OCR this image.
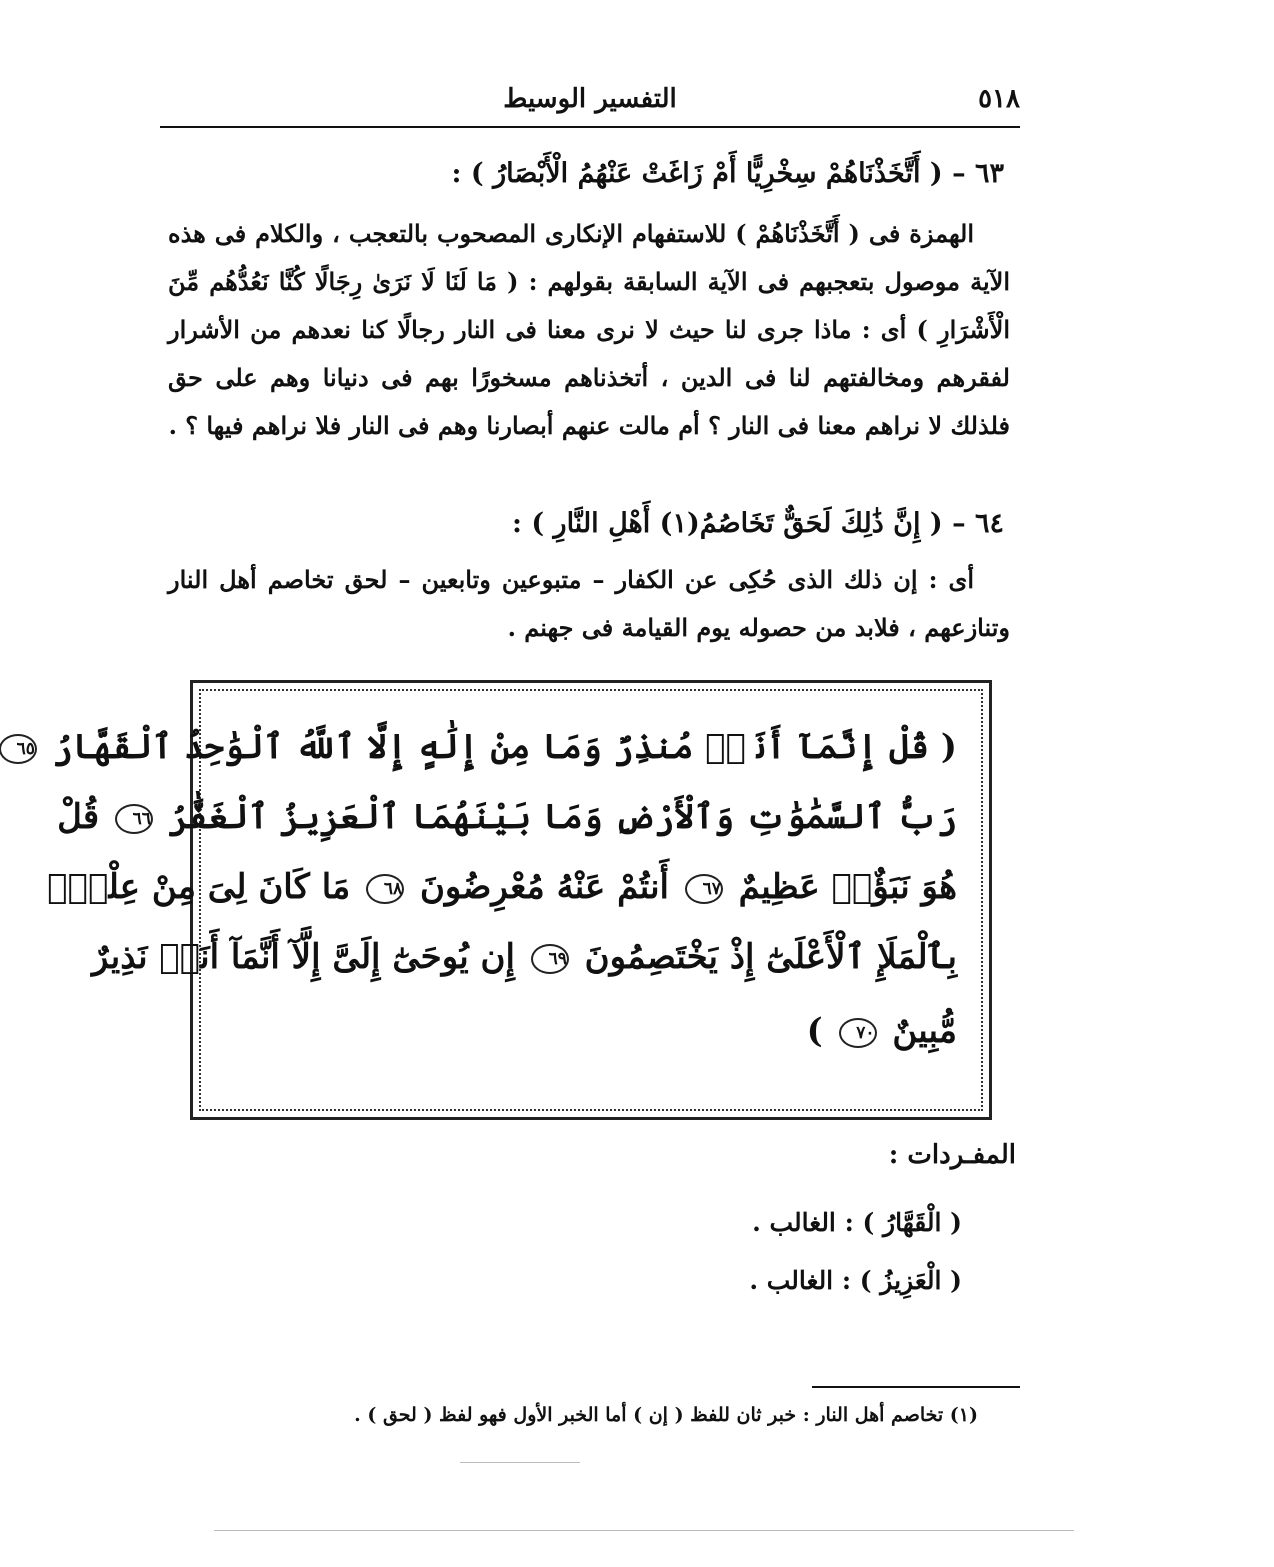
٥١٨
التفسير الوسيط
٦٣ – ( أَتَّخَذْنَاهُمْ سِخْرِيًّا أَمْ زَاغَتْ عَنْهُمُ الْأَبْصَارُ ) :
الهمزة فى ( أَتَّخَذْنَاهُمْ ) للاستفهام الإنكارى المصحوب بالتعجب ، والكلام فى هذه الآية موصول بتعجبهم فى الآية السابقة بقولهم : ( مَا لَنَا لَا نَرَىٰ رِجَالًا كُنَّا نَعُدُّهُم مِّنَ الْأَشْرَارِ ) أى : ماذا جرى لنا حيث لا نرى معنا فى النار رجالًا كنا نعدهم من الأشرار لفقرهم ومخالفتهم لنا فى الدين ، أتخذناهم مسخورًا بهم فى دنيانا وهم على حق فلذلك لا نراهم معنا فى النار ؟ أم مالت عنهم أبصارنا وهم فى النار فلا نراهم فيها ؟ .
٦٤ – ( إِنَّ ذَٰلِكَ لَحَقٌّ تَخَاصُمُ(١) أَهْلِ النَّارِ ) :
أى : إن ذلك الذى حُكِى عن الكفار – متبوعين وتابعين – لحق تخاصم أهل النار وتنازعهم ، فلابد من حصوله يوم القيامة فى جهنم .
( قُلْ إِنَّمَآ أَنَا۠ مُنذِرٌ وَمَا مِنْ إِلَٰهٍ إِلَّا ٱللَّهُ ٱلْوَٰحِدُ ٱلْقَهَّارُ ٦٥
رَبُّ ٱلسَّمَٰوَٰتِ وَٱلْأَرْضِ وَمَا بَيْنَهُمَا ٱلْعَزِيزُ ٱلْغَفَّٰرُ ٦٦ قُلْ
هُوَ نَبَؤٌا۟ عَظِيمٌ ٦٧ أَنتُمْ عَنْهُ مُعْرِضُونَ ٦٨ مَا كَانَ لِىَ مِنْ عِلْمٍۭ
بِٱلْمَلَإِ ٱلْأَعْلَىٰٓ إِذْ يَخْتَصِمُونَ ٦٩ إِن يُوحَىٰٓ إِلَىَّ إِلَّآ أَنَّمَآ أَنَا۠ نَذِيرٌ
مُّبِينٌ ٧٠ )
المفـردات :
( الْقَهَّارُ ) : الغالب .
( الْعَزِيزُ ) : الغالب .
(١) تخاصم أهل النار : خبر ثان للفظ ( إن ) أما الخبر الأول فهو لفظ ( لحق ) .
